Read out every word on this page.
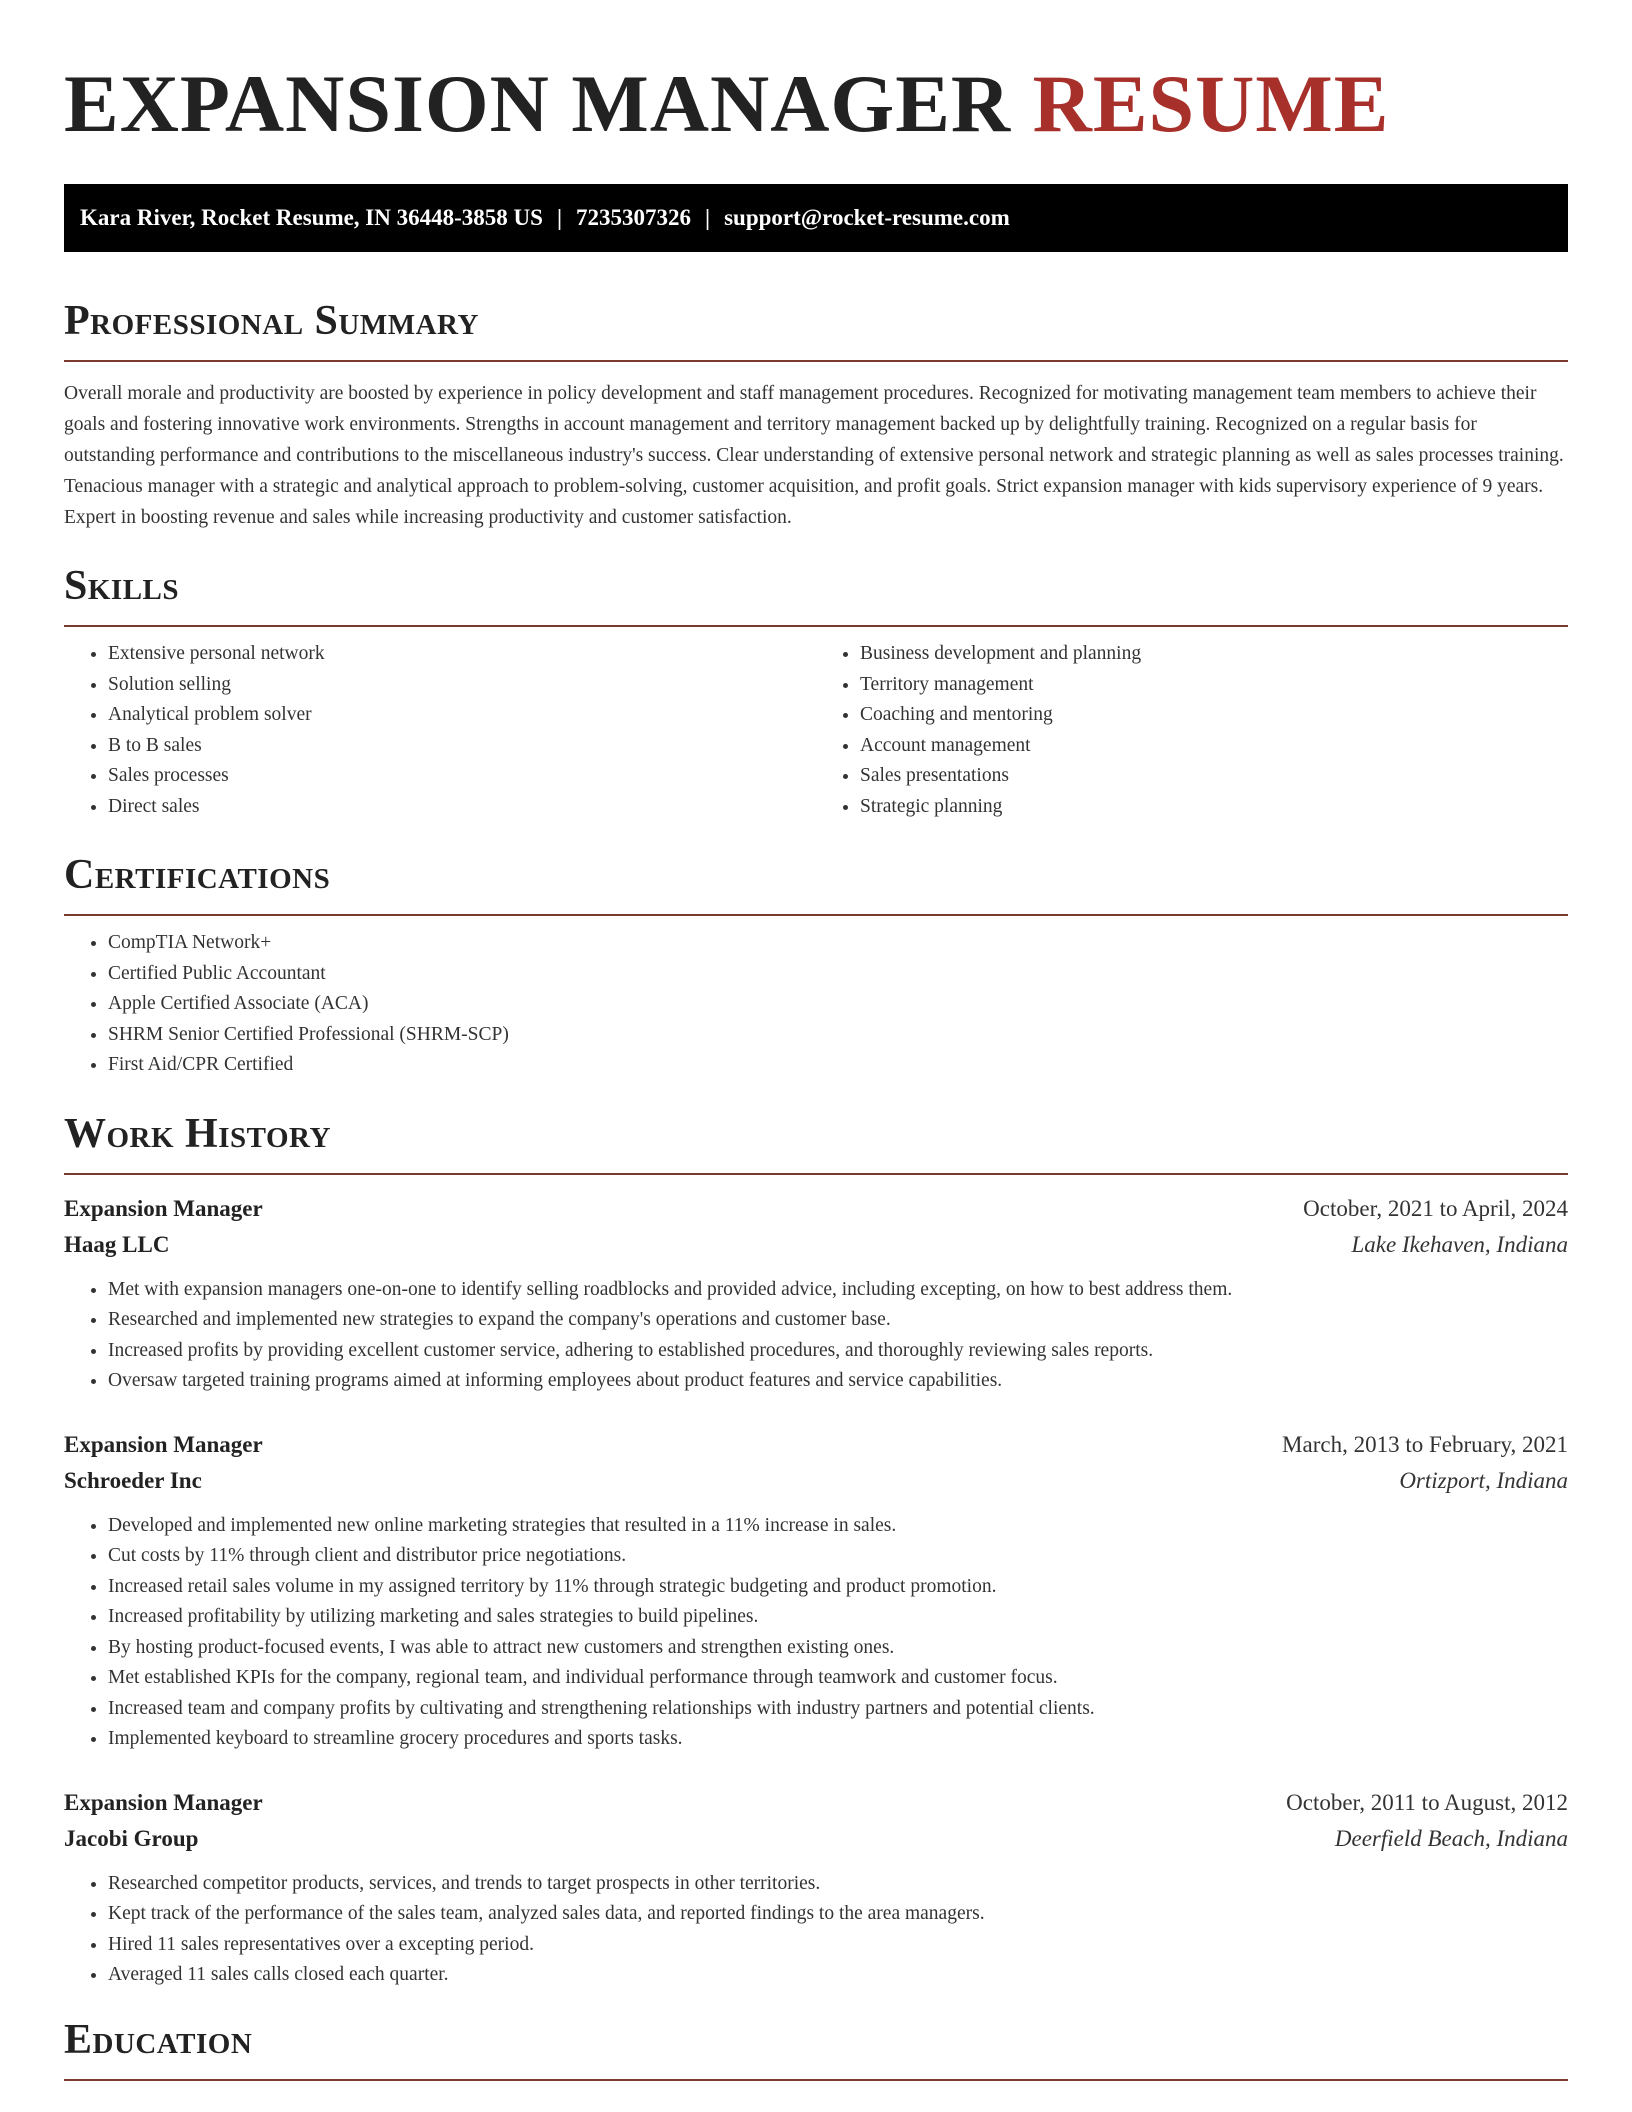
EXPANSION MANAGER RESUME
Kara River, Rocket Resume, IN 36448-3858 US | 7235307326 | support@rocket-resume.com
Professional Summary

Overall morale and productivity are boosted by experience in policy development and staff management procedures. Recognized for motivating management team members to achieve their goals and fostering innovative work environments. Strengths in account management and territory management backed up by delightfully training. Recognized on a regular basis for outstanding performance and contributions to the miscellaneous industry's success. Clear understanding of extensive personal network and strategic planning as well as sales processes training. Tenacious manager with a strategic and analytical approach to problem-solving, customer acquisition, and profit goals. Strict expansion manager with kids supervisory experience of 9 years. Expert in boosting revenue and sales while increasing productivity and customer satisfaction.

Skills
• Extensive personal network
• Solution selling
• Analytical problem solver
• B to B sales
• Sales processes
• Direct sales
• Business development and planning
• Territory management
• Coaching and mentoring
• Account management
• Sales presentations
• Strategic planning
Certifications
• CompTIA Network+
• Certified Public Accountant
• Apple Certified Associate (ACA)
• SHRM Senior Certified Professional (SHRM-SCP)
• First Aid/CPR Certified
Work History
Expansion Manager	October, 2021 to April, 2024
Haag LLC	Lake Ikehaven, Indiana
• Met with expansion managers one-on-one to identify selling roadblocks and provided advice, including excepting, on how to best address them.
• Researched and implemented new strategies to expand the company's operations and customer base.
• Increased profits by providing excellent customer service, adhering to established procedures, and thoroughly reviewing sales reports.
• Oversaw targeted training programs aimed at informing employees about product features and service capabilities.
Expansion Manager	March, 2013 to February, 2021
Schroeder Inc	Ortizport, Indiana
• Developed and implemented new online marketing strategies that resulted in a 11% increase in sales.
• Cut costs by 11% through client and distributor price negotiations.
• Increased retail sales volume in my assigned territory by 11% through strategic budgeting and product promotion.
• Increased profitability by utilizing marketing and sales strategies to build pipelines.
• By hosting product-focused events, I was able to attract new customers and strengthen existing ones.
• Met established KPIs for the company, regional team, and individual performance through teamwork and customer focus.
• Increased team and company profits by cultivating and strengthening relationships with industry partners and potential clients.
• Implemented keyboard to streamline grocery procedures and sports tasks.
Expansion Manager	October, 2011 to August, 2012
Jacobi Group	Deerfield Beach, Indiana
• Researched competitor products, services, and trends to target prospects in other territories.
• Kept track of the performance of the sales team, analyzed sales data, and reported findings to the area managers.
• Hired 11 sales representatives over a excepting period.
• Averaged 11 sales calls closed each quarter.
Education
